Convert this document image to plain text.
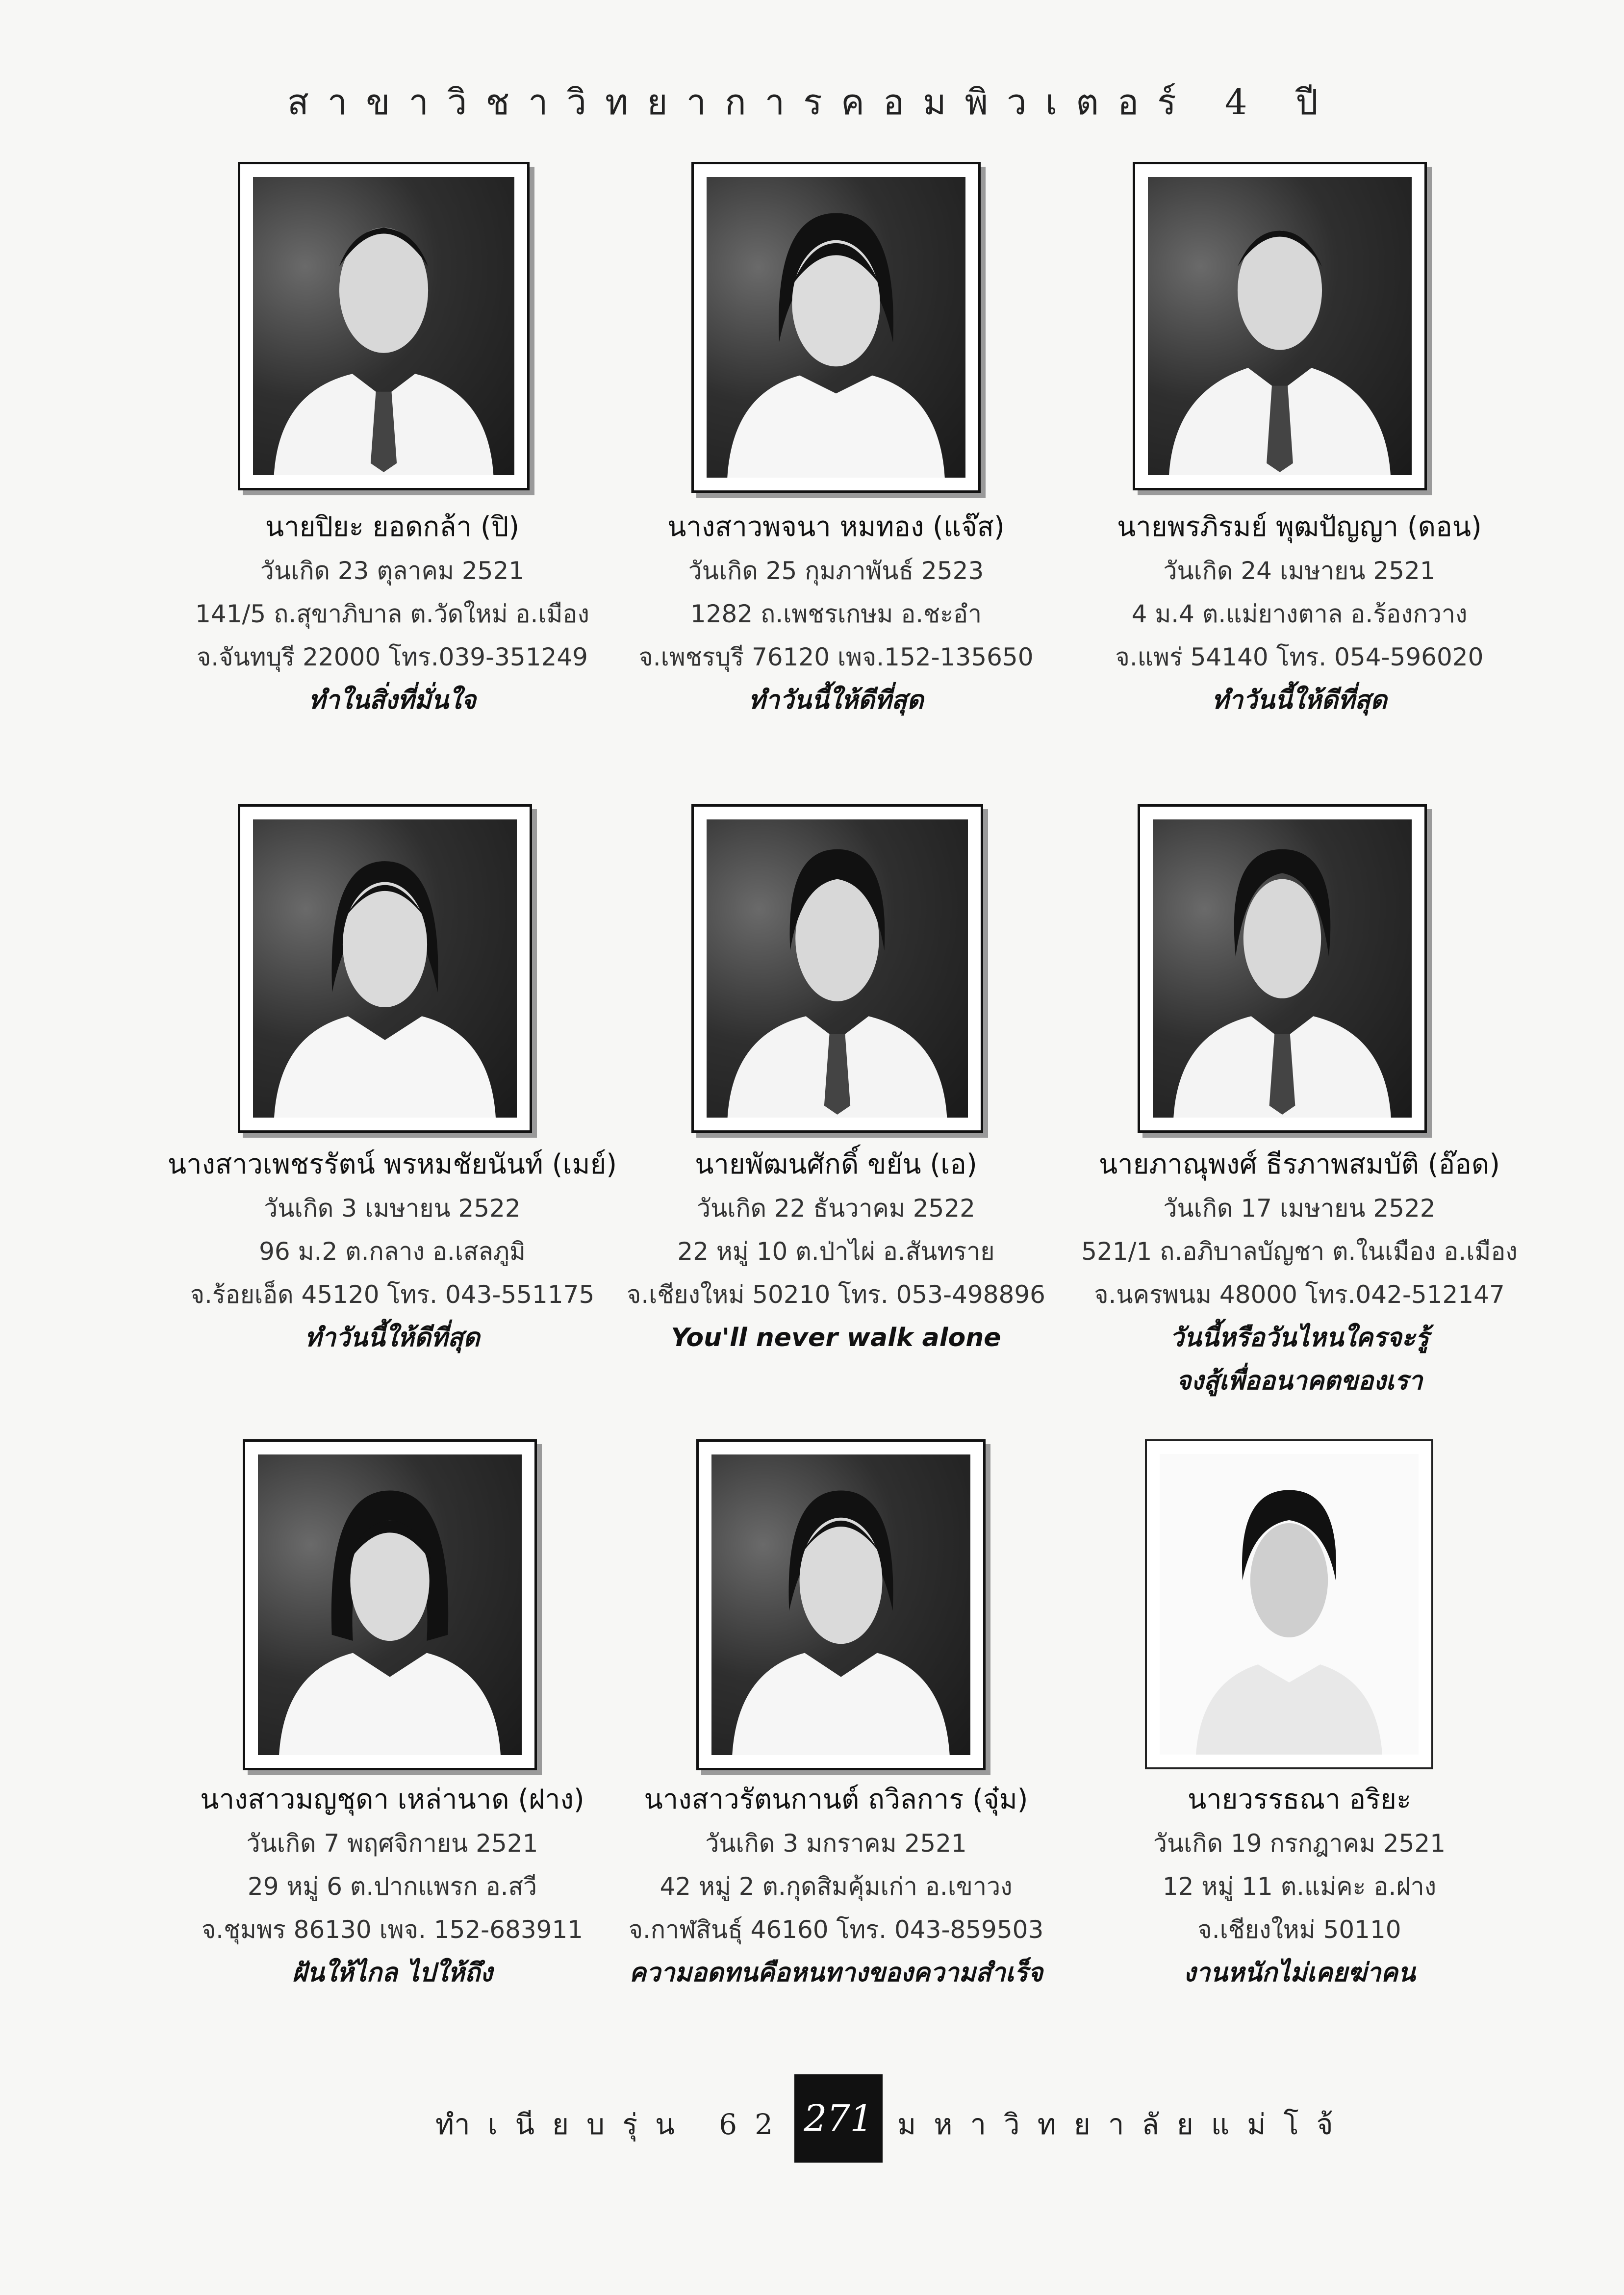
สาขาวิชาวิทยาการคอมพิวเตอร์ 4 ปี
นายปิยะ ยอดกล้า (ปิ)
วันเกิด 23 ตุลาคม 2521
141/5 ถ.สุขาภิบาล ต.วัดใหม่ อ.เมือง
จ.จันทบุรี 22000 โทร.039-351249
ทำในสิ่งที่มั่นใจ
นางสาวพจนา หมทอง (แจ๊ส)
วันเกิด 25 กุมภาพันธ์ 2523
1282 ถ.เพชรเกษม อ.ชะอำ
จ.เพชรบุรี 76120 เพจ.152-135650
ทำวันนี้ให้ดีที่สุด
นายพรภิรมย์ พุฒปัญญา (ดอน)
วันเกิด 24 เมษายน 2521
4 ม.4 ต.แม่ยางตาล อ.ร้องกวาง
จ.แพร่ 54140 โทร. 054-596020
ทำวันนี้ให้ดีที่สุด
นางสาวเพชรรัตน์ พรหมชัยนันท์ (เมย์)
วันเกิด 3 เมษายน 2522
96 ม.2 ต.กลาง อ.เสลภูมิ
จ.ร้อยเอ็ด 45120 โทร. 043-551175
ทำวันนี้ให้ดีที่สุด
นายพัฒนศักดิ์ ขยัน (เอ)
วันเกิด 22 ธันวาคม 2522
22 หมู่ 10 ต.ป่าไผ่ อ.สันทราย
จ.เชียงใหม่ 50210 โทร. 053-498896
You'll never walk alone
นายภาณุพงศ์ ธีรภาพสมบัติ (อ๊อด)
วันเกิด 17 เมษายน 2522
521/1 ถ.อภิบาลบัญชา ต.ในเมือง อ.เมือง
จ.นครพนม 48000 โทร.042-512147
วันนี้หรือวันไหนใครจะรู้
จงสู้เพื่ออนาคตของเรา
นางสาวมญชุดา เหล่านาด (ฝาง)
วันเกิด 7 พฤศจิกายน 2521
29 หมู่ 6 ต.ปากแพรก อ.สวี
จ.ชุมพร 86130 เพจ. 152-683911
ฝันให้ไกล ไปให้ถึง
นางสาวรัตนกานต์ ถวิลการ (จุ๋ม)
วันเกิด 3 มกราคม 2521
42 หมู่ 2 ต.กุดสิมคุ้มเก่า อ.เขาวง
จ.กาฬสินธุ์ 46160 โทร. 043-859503
ความอดทนคือหนทางของความสำเร็จ
นายวรรธณา อริยะ
วันเกิด 19 กรกฎาคม 2521
12 หมู่ 11 ต.แม่คะ อ.ฝาง
จ.เชียงใหม่ 50110
งานหนักไม่เคยฆ่าคน
ทำเนียบรุ่น 62 271 มหาวิทยาลัยแม่โจ้
